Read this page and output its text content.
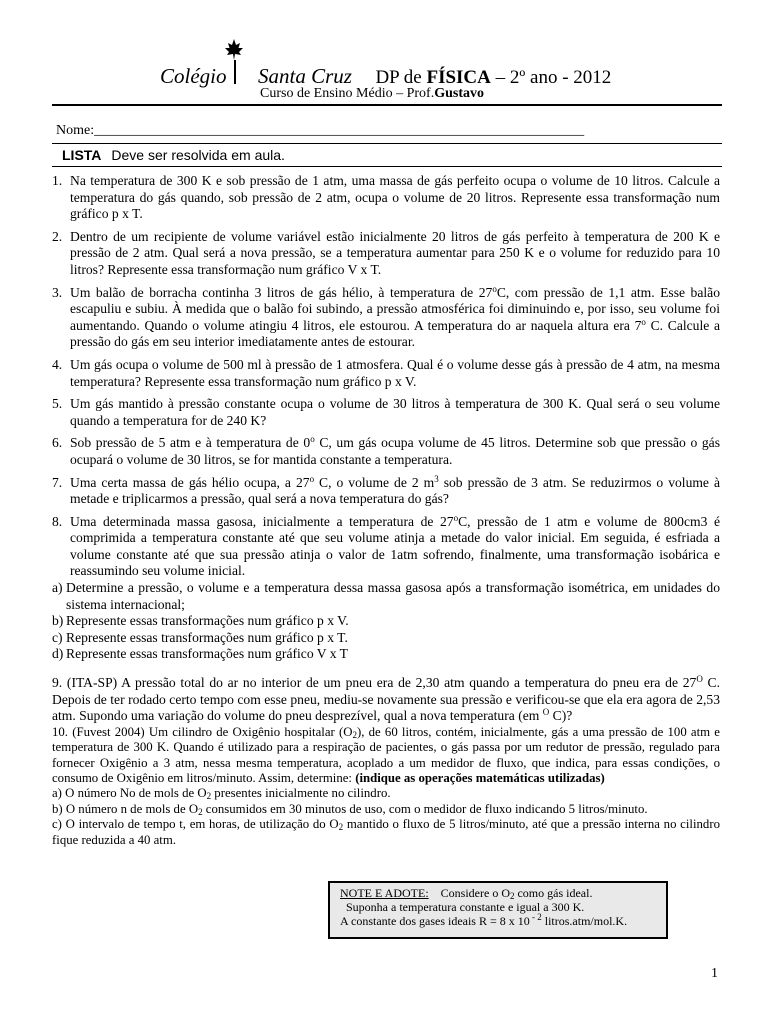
Colégio Santa Cruz DP de FÍSICA – 2º ano - 2012
Curso de Ensino Médio – Prof.Gustavo
Nome:______________________________________________________________________
LISTA Deve ser resolvida em aula.
1. Na temperatura de 300 K e sob pressão de 1 atm, uma massa de gás perfeito ocupa o volume de 10 litros. Calcule a temperatura do gás quando, sob pressão de 2 atm, ocupa o volume de 20 litros. Represente essa transformação num gráfico p x T.
2. Dentro de um recipiente de volume variável estão inicialmente 20 litros de gás perfeito à temperatura de 200 K e pressão de 2 atm. Qual será a nova pressão, se a temperatura aumentar para 250 K e o volume for reduzido para 10 litros? Represente essa transformação num gráfico V x T.
3. Um balão de borracha continha 3 litros de gás hélio, à temperatura de 27$^o$C, com pressão de 1,1 atm. Esse balão escapuliu e subiu. À medida que o balão foi subindo, a pressão atmosférica foi diminuindo e, por isso, seu volume foi aumentando. Quando o volume atingiu 4 litros, ele estourou. A temperatura do ar naquela altura era 7$^o$ C. Calcule a pressão do gás em seu interior imediatamente antes de estourar.
4. Um gás ocupa o volume de 500 ml à pressão de 1 atmosfera. Qual é o volume desse gás à pressão de 4 atm, na mesma temperatura? Represente essa transformação num gráfico p x V.
5. Um gás mantido à pressão constante ocupa o volume de 30 litros à temperatura de 300 K. Qual será o seu volume quando a temperatura for de 240 K?
6. Sob pressão de 5 atm e à temperatura de 0$^o$ C, um gás ocupa volume de 45 litros. Determine sob que pressão o gás ocupará o volume de 30 litros, se for mantida constante a temperatura.
7. Uma certa massa de gás hélio ocupa, a 27$^o$ C, o volume de 2 $m^3$ sob pressão de 3 atm. Se reduzirmos o volume à metade e triplicarmos a pressão, qual será a nova temperatura do gás?
8. Uma determinada massa gasosa, inicialmente a temperatura de 27$^o$C, pressão de 1 atm e volume de 800cm3 é comprimida a temperatura constante até que seu volume atinja a metade do valor inicial. Em seguida, é esfriada a volume constante até que sua pressão atinja o valor de 1atm sofrendo, finalmente, uma transformação isobárica e reassumindo seu volume inicial.
a) Determine a pressão, o volume e a temperatura dessa massa gasosa após a transformação isométrica, em unidades do sistema internacional;
b) Represente essas transformações num gráfico p x V.
c) Represente essas transformações num gráfico p x T.
d) Represente essas transformações num gráfico V x T
9. (ITA-SP) A pressão total do ar no interior de um pneu era de 2,30 atm quando a temperatura do pneu era de $27^O$ C. Depois de ter rodado certo tempo com esse pneu, mediu-se novamente sua pressão e verificou-se que ela era agora de 2,53 atm. Supondo uma variação do volume do pneu desprezível, qual a nova temperatura (em $^O$ C)?
10. (Fuvest 2004) Um cilindro de Oxigênio hospitalar $(O_2)$, de 60 litros, contém, inicialmente, gás a uma pressão de 100 atm e temperatura de 300 K. Quando é utilizado para a respiração de pacientes, o gás passa por um redutor de pressão, regulado para fornecer Oxigênio a 3 atm, nessa mesma temperatura, acoplado a um medidor de fluxo, que indica, para essas condições, o consumo de Oxigênio em litros/minuto. Assim, determine: (indique as operações matemáticas utilizadas)
a) O número No de mols de $O_2$ presentes inicialmente no cilindro.
b) O número n de mols de $O_2$ consumidos em 30 minutos de uso, com o medidor de fluxo indicando 5 litros/minuto.
c) O intervalo de tempo t, em horas, de utilização do $O_2$ mantido o fluxo de 5 litros/minuto, até que a pressão interna no cilindro fique reduzida a 40 atm.
NOTE E ADOTE: Considere o $O_2$ como gás ideal.
Suponha a temperatura constante e igual a 300 K.
A constante dos gases ideais R = 8 x 10 $^{- 2}$ litros.atm/mol.K.
1
